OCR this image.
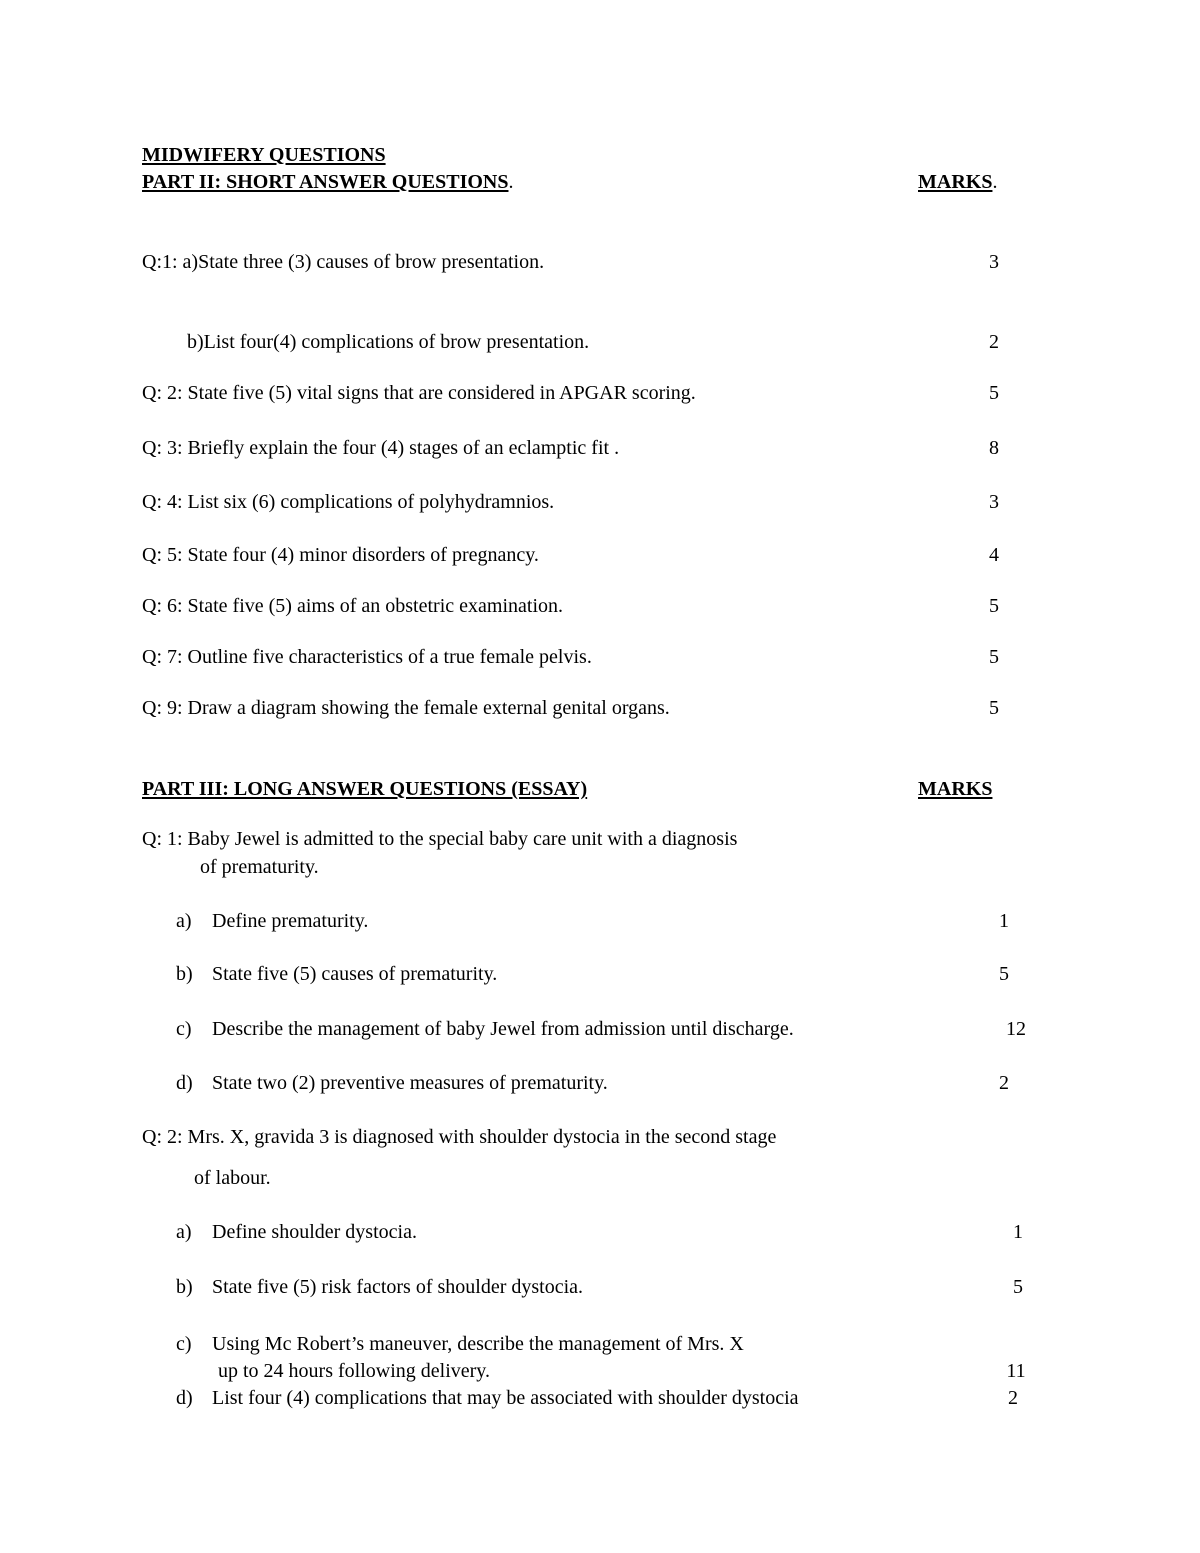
MIDWIFERY QUESTIONS
PART II: SHORT ANSWER QUESTIONS.	MARKS.
Q:1: a)State three (3) causes of brow presentation.	3
b)List four(4) complications of brow presentation.	2
Q: 2: State five (5) vital signs that are considered in APGAR scoring.	5
Q: 3: Briefly explain the four (4) stages of an eclamptic fit .	8
Q: 4: List six (6) complications of polyhydramnios.	3
Q: 5: State four (4) minor disorders of pregnancy.	4
Q: 6: State five (5) aims of an obstetric examination.	5
Q: 7: Outline five characteristics of a true female pelvis.	5
Q: 9: Draw a diagram showing the female external genital organs.	5
PART III: LONG ANSWER QUESTIONS (ESSAY)	MARKS
Q: 1: Baby Jewel is admitted to the special baby care unit with a diagnosis
of prematurity.
a) Define prematurity.	1
b) State five (5) causes of prematurity.	5
c) Describe the management of baby Jewel from admission until discharge.	12
d) State two (2) preventive measures of prematurity.	2
Q: 2: Mrs. X, gravida 3 is diagnosed with shoulder dystocia in the second stage
of labour.
a) Define shoulder dystocia.	1
b) State five (5) risk factors of shoulder dystocia.	5
c) Using Mc Robert’s maneuver, describe the management of Mrs. X
up to 24 hours following delivery.	11
d) List four (4) complications that may be associated with shoulder dystocia	2
